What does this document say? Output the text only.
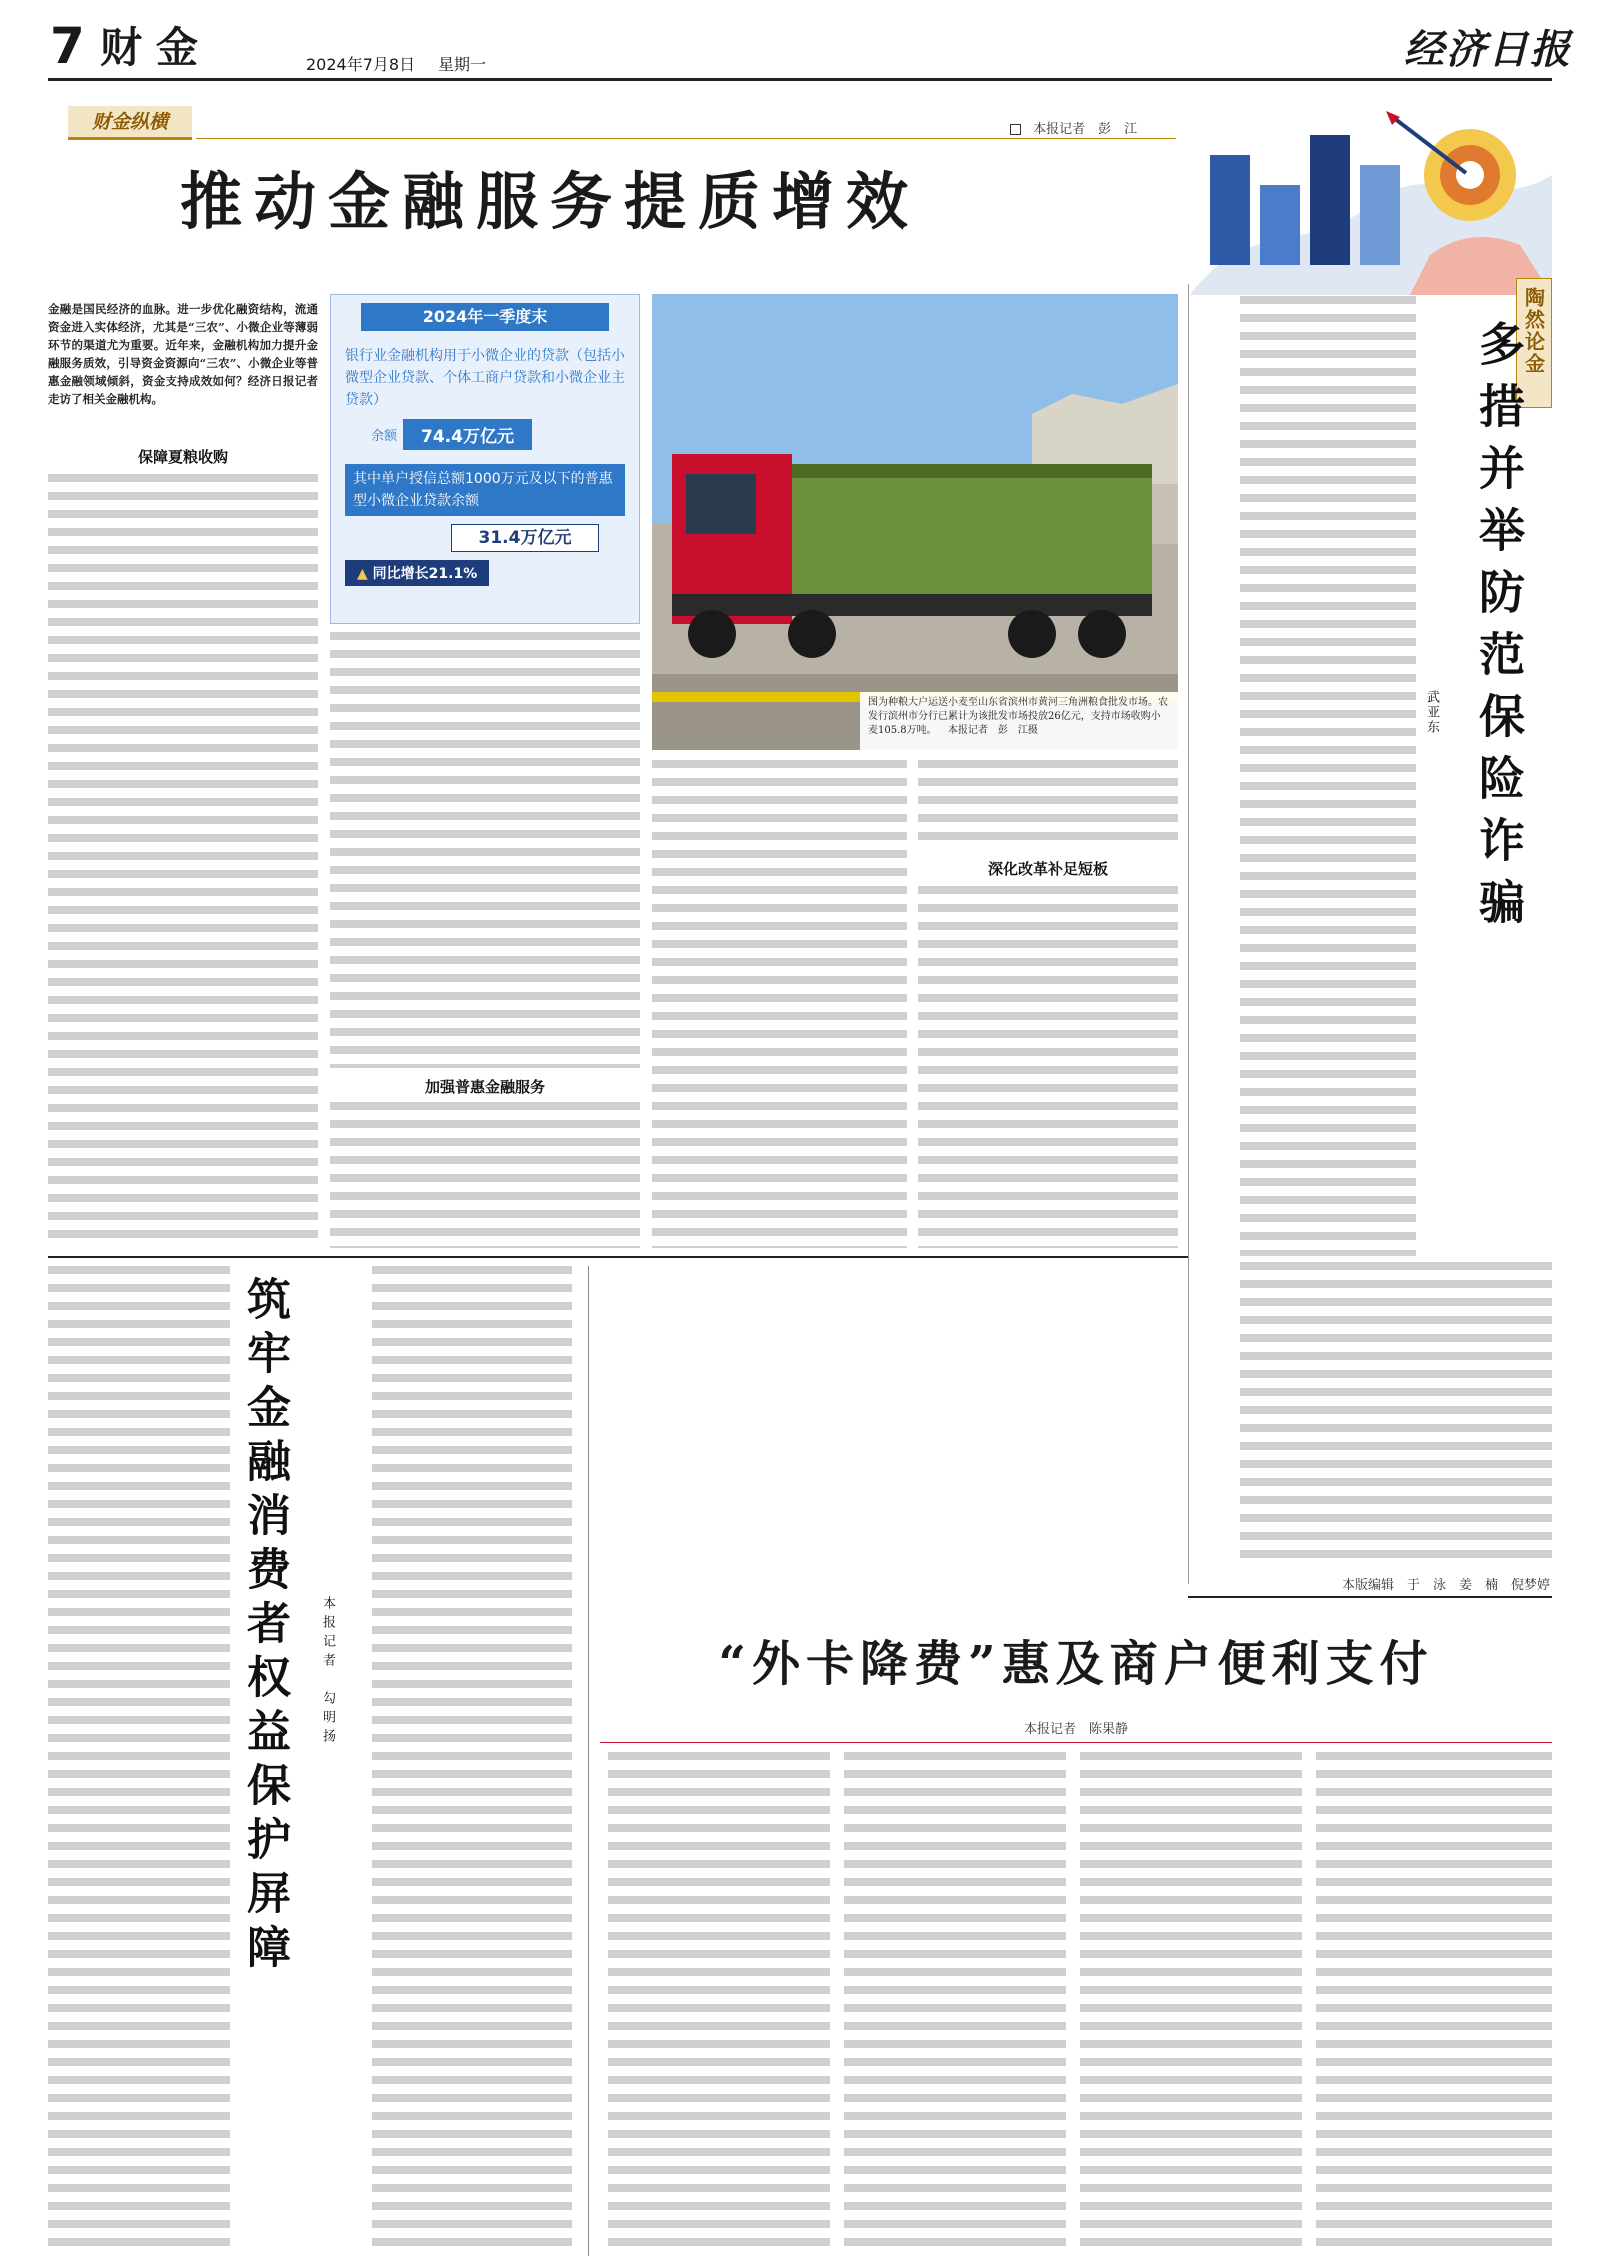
7 财金	2024年7月8日 星期一	经济日报
财金纵横	本报记者　彭　江
推动金融服务提质增效
金融是国民经济的血脉。进一步优化融资结构，流通资金进入实体经济，尤其是“三农”、小微企业等薄弱环节的渠道尤为重要。近年来，金融机构加力提升金融服务质效，引导资金资源向“三农”、小微企业等普惠金融领域倾斜，资金支持成效如何？经济日报记者走访了相关金融机构。
保障夏粮收购
2024年一季度末
银行业金融机构用于小微企业的贷款（包括小微型企业贷款、个体工商户贷款和小微企业主贷款）
余额	74.4万亿元
其中单户授信总额1000万元及以下的普惠型小微企业贷款余额
31.4万亿元
▲ 同比增长21.1%
加强普惠金融服务
图为种粮大户运送小麦至山东省滨州市黄河三角洲粮食批发市场。农发行滨州市分行已累计为该批发市场投放26亿元，支持市场收购小麦105.8万吨。 本报记者　彭　江摄
深化改革补足短板
陶然论金
多措并举防范保险诈骗
武亚东
本版编辑　于　泳　姜　楠　倪梦婷
筑牢金融消费者权益保护屏障	本报记者　勾明扬	“外卡降费”惠及商户便利支付
本报记者　陈果静
